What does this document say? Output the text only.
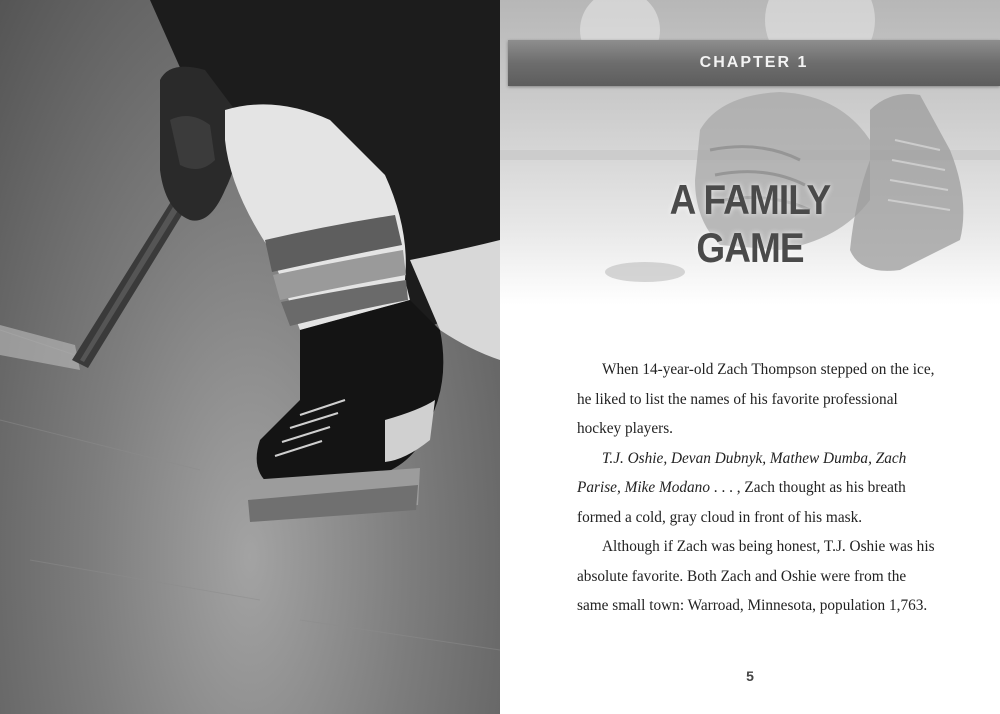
CHAPTER 1
A FAMILY GAME

When 14-year-old Zach Thompson stepped on the ice, he liked to list the names of his favorite professional hockey players.

T.J. Oshie, Devan Dubnyk, Mathew Dumba, Zach Parise, Mike Modano . . . , Zach thought as his breath formed a cold, gray cloud in front of his mask.

Although if Zach was being honest, T.J. Oshie was his absolute favorite. Both Zach and Oshie were from the same small town: Warroad, Minnesota, population 1,763.

5
